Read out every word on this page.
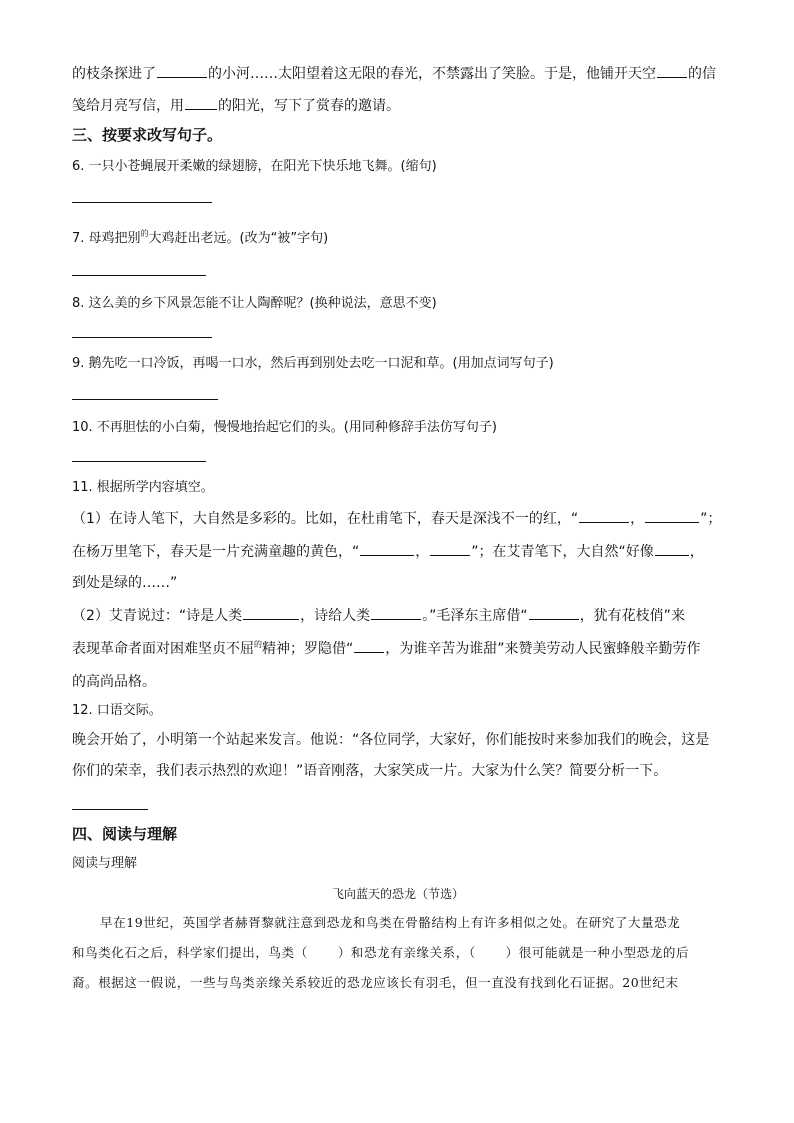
的枝条探进了	的小河……太阳望着这无限的春光，不禁露出了笑脸。于是，他铺开天空 的信

笺给月亮写信，用 的阳光，写下了赏春的邀请。

三、按要求改写句子。

6. 一只小苍蝇展开柔嫩的绿翅膀，在阳光下快乐地飞舞。(缩句)

7. 母鸡把别$^的$大鸡赶出老远。(改为“被”字句)

8. 这么美的乡下风景怎能不让人陶醉呢？(换种说法，意思不变)

9. 鹅先吃一口冷饭，再喝一口水，然后再到别处去吃一口泥和草。(用加点词写句子)

10. 不再胆怯的小白菊，慢慢地抬起它们的头。(用同种修辞手法仿写句子)

11. 根据所学内容填空。

（1）在诗人笔下，大自然是多彩的。比如，在杜甫笔下，春天是深浅不一的红，“	，	”；

在杨万里笔下，春天是一片充满童趣的黄色，“	，	”；在艾青笔下，大自然“好像	，

到处是绿的……”

（2）艾青说过：“诗是人类	，诗给人类	。”毛泽东主席借“	，犹有花枝俏”来

表现革命者面对困难坚贞不屈$^的$精神；罗隐借“ ，为谁辛苦为谁甜”来赞美劳动人民蜜蜂般辛勤劳作

的高尚品格。

12. 口语交际。

晚会开始了，小明第一个站起来发言。他说：“各位同学，大家好，你们能按时来参加我们的晚会，这是

你们的荣幸，我们表示热烈的欢迎！”语音刚落，大家笑成一片。大家为什么笑？简要分析一下。

四、阅读与理解

阅读与理解

飞向蓝天的恐龙（节选）

早在19世纪，英国学者赫胥黎就注意到恐龙和鸟类在骨骼结构上有许多相似之处。在研究了大量恐龙

和鸟类化石之后，科学家们提出，鸟类（ ）和恐龙有亲缘关系，（ ）很可能就是一种小型恐龙的后

裔。根据这一假说，一些与鸟类亲缘关系较近的恐龙应该长有羽毛，但一直没有找到化石证据。20世纪末
